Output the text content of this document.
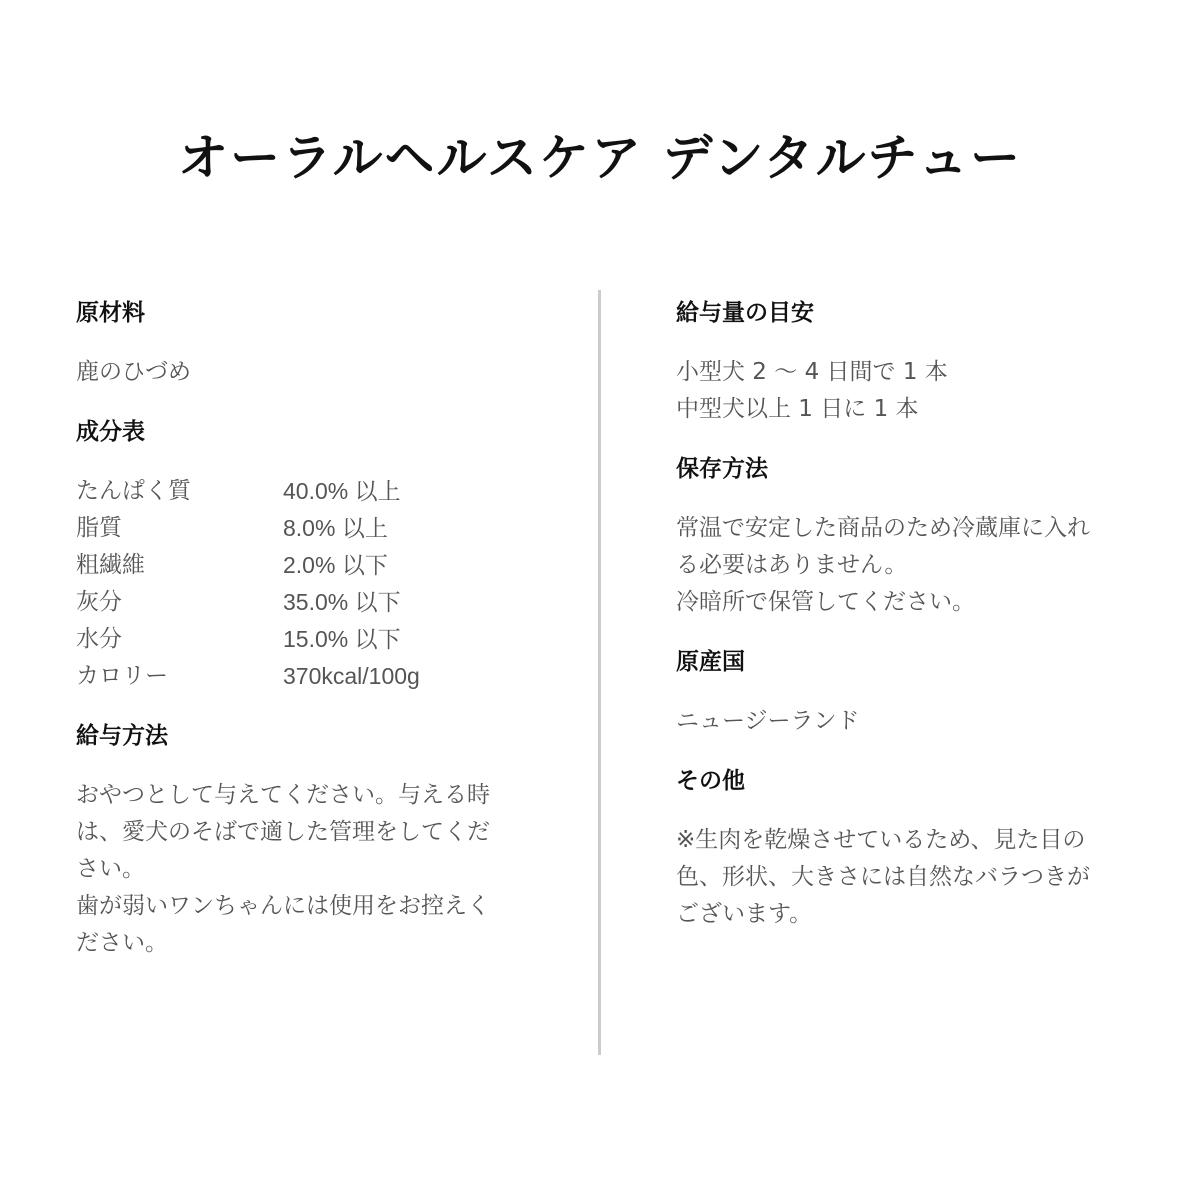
オーラルヘルスケア デンタルチュー
原材料
鹿のひづめ
成分表
たんぱく質	40.0% 以上
脂質	8.0% 以上
粗繊維	2.0% 以下
灰分	35.0% 以下
水分	15.0% 以下
カロリー	370kcal/100g
給与方法
おやつとして与えてください。与える時
は、愛犬のそばで適した管理をしてくだ
さい。
歯が弱いワンちゃんには使用をお控えく
ださい。
給与量の目安
小型犬 2 ～ 4 日間で 1 本
中型犬以上 1 日に 1 本
保存方法
常温で安定した商品のため冷蔵庫に入れ
る必要はありません。
冷暗所で保管してください。
原産国
ニュージーランド
その他
※生肉を乾燥させているため、見た目の
色、形状、大きさには自然なバラつきが
ございます。
